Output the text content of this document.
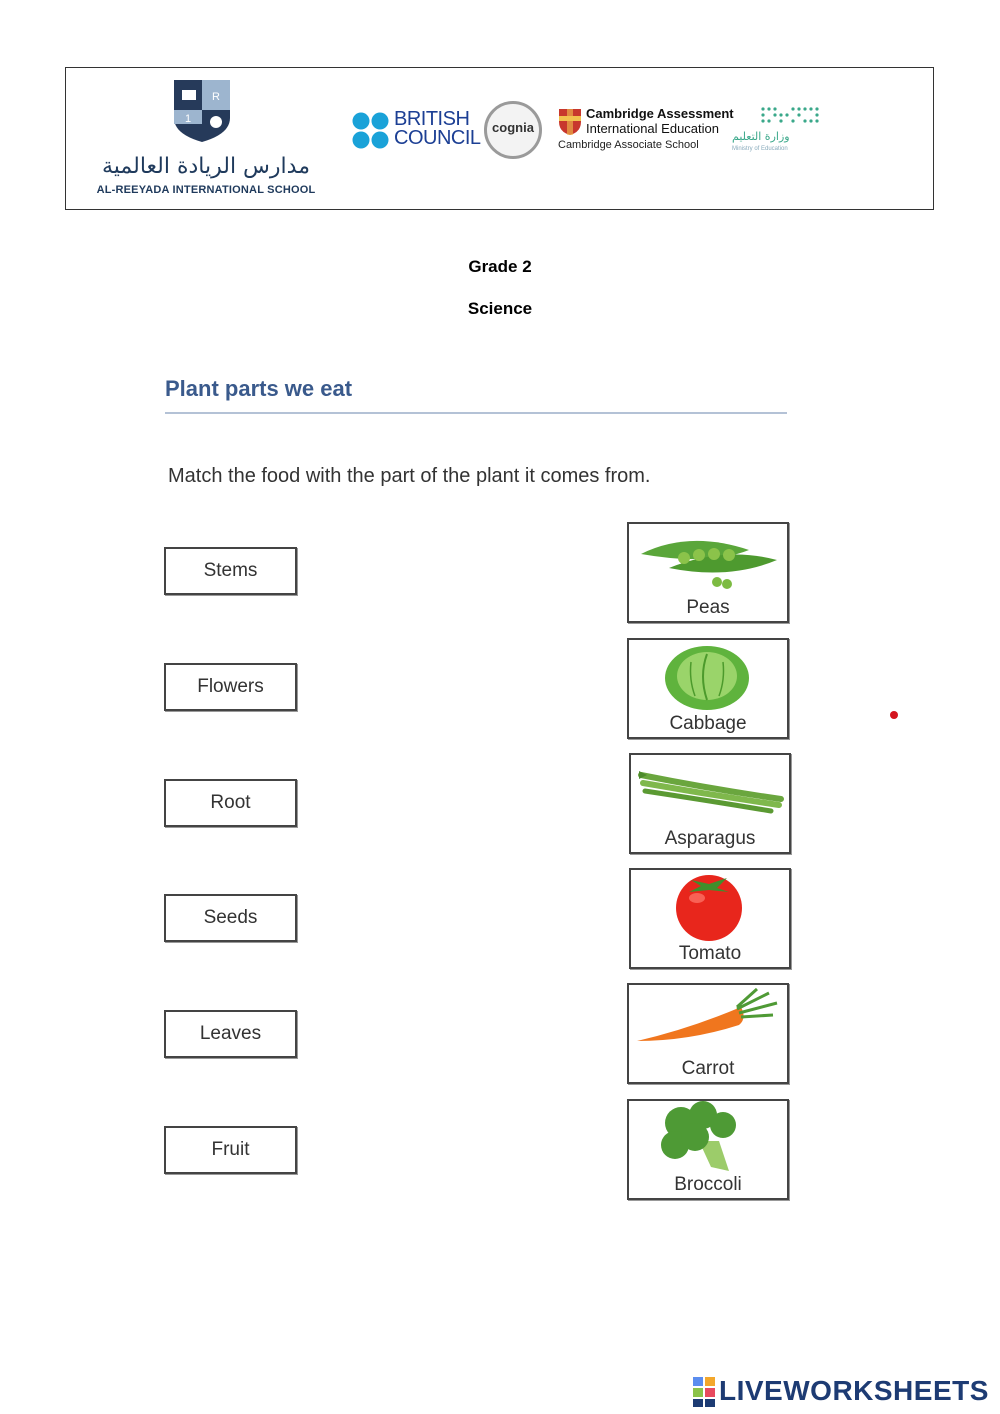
R
1
مدارس الريادة العالمية
AL-REEYADA INTERNATIONAL SCHOOL
BRITISH
COUNCIL cognia
Cambridge Assessment
International Education
Cambridge Associate School
وزارة التعليم
Ministry of Education
Grade 2
Science
Plant parts we eat
Match the food with the part of the plant it comes from.
Stems
Flowers
Root
Seeds
Leaves
Fruit
Peas
Cabbage
Asparagus
Tomato
Carrot
Broccoli
LIVEWORKSHEETS
